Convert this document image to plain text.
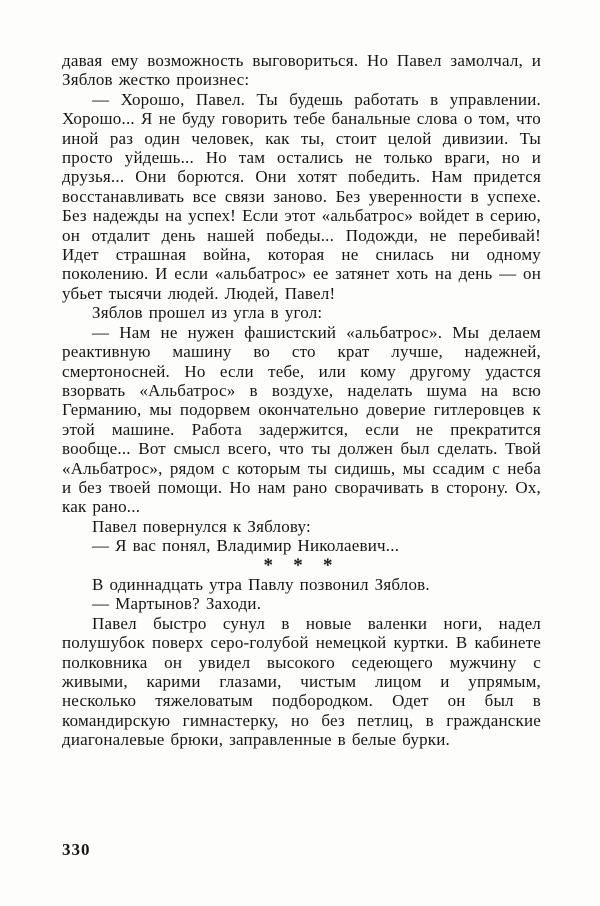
давая ему возможность выговориться. Но Павел замолчал, и Зяблов жестко произнес:

— Хорошо, Павел. Ты будешь работать в управлении. Хорошо... Я не буду говорить тебе банальные слова о том, что иной раз один человек, как ты, стоит целой дивизии. Ты просто уйдешь... Но там остались не только враги, но и друзья... Они борются. Они хотят победить. Нам придется восстанавливать все связи заново. Без уверенности в успехе. Без надежды на успех! Если этот «альбатрос» войдет в серию, он отдалит день нашей победы... Подожди, не перебивай! Идет страшная война, которая не снилась ни одному поколению. И если «альбатрос» ее затянет хоть на день — он убьет тысячи людей. Людей, Павел!

Зяблов прошел из угла в угол:

— Нам не нужен фашистский «альбатрос». Мы делаем реактивную машину во сто крат лучше, надежней, смертоносней. Но если тебе, или кому другому удастся взорвать «Альбатрос» в воздухе, наделать шума на всю Германию, мы подорвем окончательно доверие гитлеровцев к этой машине. Работа задержится, если не прекратится вообще... Вот смысл всего, что ты должен был сделать. Твой «Альбатрос», рядом с которым ты сидишь, мы ссадим с неба и без твоей помощи. Но нам рано сворачивать в сторону. Ох, как рано...

Павел повернулся к Зяблову:

— Я вас понял, Владимир Николаевич...

* * *

В одиннадцать утра Павлу позвонил Зяблов.

— Мартынов? Заходи.

Павел быстро сунул в новые валенки ноги, надел полушубок поверх серо-голубой немецкой куртки. В кабинете полковника он увидел высокого седеющего мужчину с живыми, карими глазами, чистым лицом и упрямым, несколько тяжеловатым подбородком. Одет он был в командирскую гимнастерку, но без петлиц, в гражданские диагоналевые брюки, заправленные в белые бурки.

330
